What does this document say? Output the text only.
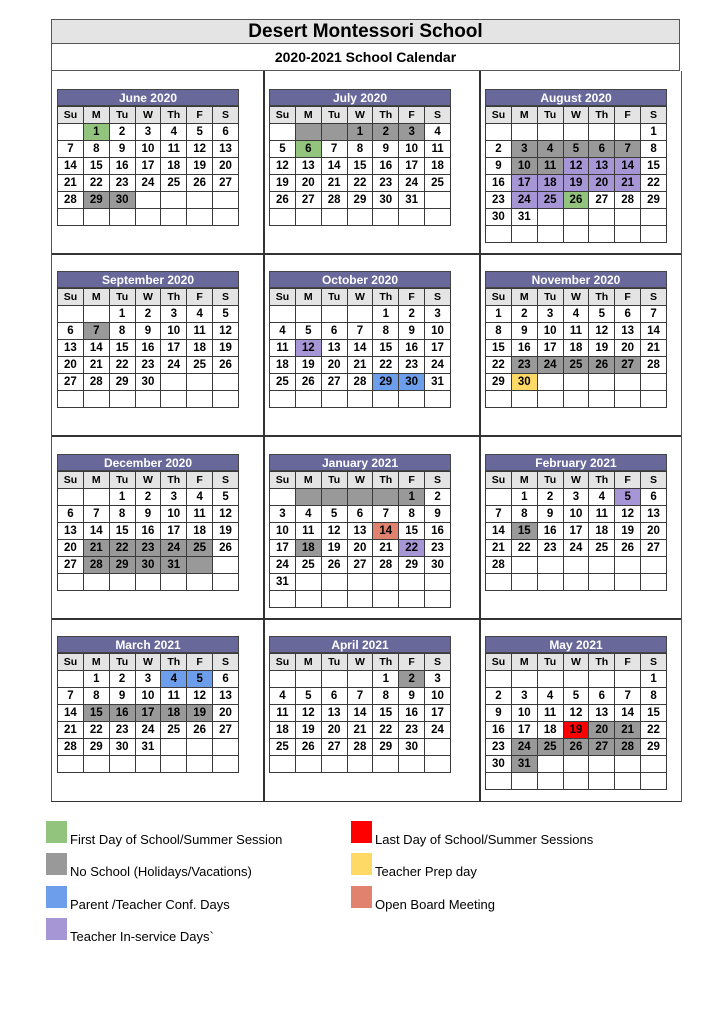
Desert Montessori School
2020-2021 School Calendar
June 2020
Su	M	Tu	W	Th	F	S
	1	2	3	4	5	6
7	8	9	10	11	12	13
14	15	16	17	18	19	20
21	22	23	24	25	26	27
28	29	30				

July 2020
Su	M	Tu	W	Th	F	S
			1	2	3	4
5	6	7	8	9	10	11
12	13	14	15	16	17	18
19	20	21	22	23	24	25
26	27	28	29	30	31	

August 2020
Su	M	Tu	W	Th	F	S
						1
2	3	4	5	6	7	8
9	10	11	12	13	14	15
16	17	18	19	20	21	22
23	24	25	26	27	28	29
30	31					

September 2020
Su	M	Tu	W	Th	F	S
		1	2	3	4	5
6	7	8	9	10	11	12
13	14	15	16	17	18	19
20	21	22	23	24	25	26
27	28	29	30			

October 2020
Su	M	Tu	W	Th	F	S
				1	2	3
4	5	6	7	8	9	10
11	12	13	14	15	16	17
18	19	20	21	22	23	24
25	26	27	28	29	30	31

November 2020
Su	M	Tu	W	Th	F	S
1	2	3	4	5	6	7
8	9	10	11	12	13	14
15	16	17	18	19	20	21
22	23	24	25	26	27	28
29	30					

December 2020
Su	M	Tu	W	Th	F	S
		1	2	3	4	5
6	7	8	9	10	11	12
13	14	15	16	17	18	19
20	21	22	23	24	25	26
27	28	29	30	31		

January 2021
Su	M	Tu	W	Th	F	S
					1	2
3	4	5	6	7	8	9
10	11	12	13	14	15	16
17	18	19	20	21	22	23
24	25	26	27	28	29	30
31						

February 2021
Su	M	Tu	W	Th	F	S
	1	2	3	4	5	6
7	8	9	10	11	12	13
14	15	16	17	18	19	20
21	22	23	24	25	26	27
28						

March 2021
Su	M	Tu	W	Th	F	S
	1	2	3	4	5	6
7	8	9	10	11	12	13
14	15	16	17	18	19	20
21	22	23	24	25	26	27
28	29	30	31			

April 2021
Su	M	Tu	W	Th	F	S
				1	2	3
4	5	6	7	8	9	10
11	12	13	14	15	16	17
18	19	20	21	22	23	24
25	26	27	28	29	30	

May 2021
Su	M	Tu	W	Th	F	S
						1
2	3	4	5	6	7	8
9	10	11	12	13	14	15
16	17	18	19	20	21	22
23	24	25	26	27	28	29
30	31					

First Day of School/Summer Session
No School (Holidays/Vacations)
Parent /Teacher Conf. Days
Teacher In-service Days`
Last Day of School/Summer Sessions
Teacher Prep day
Open Board Meeting
